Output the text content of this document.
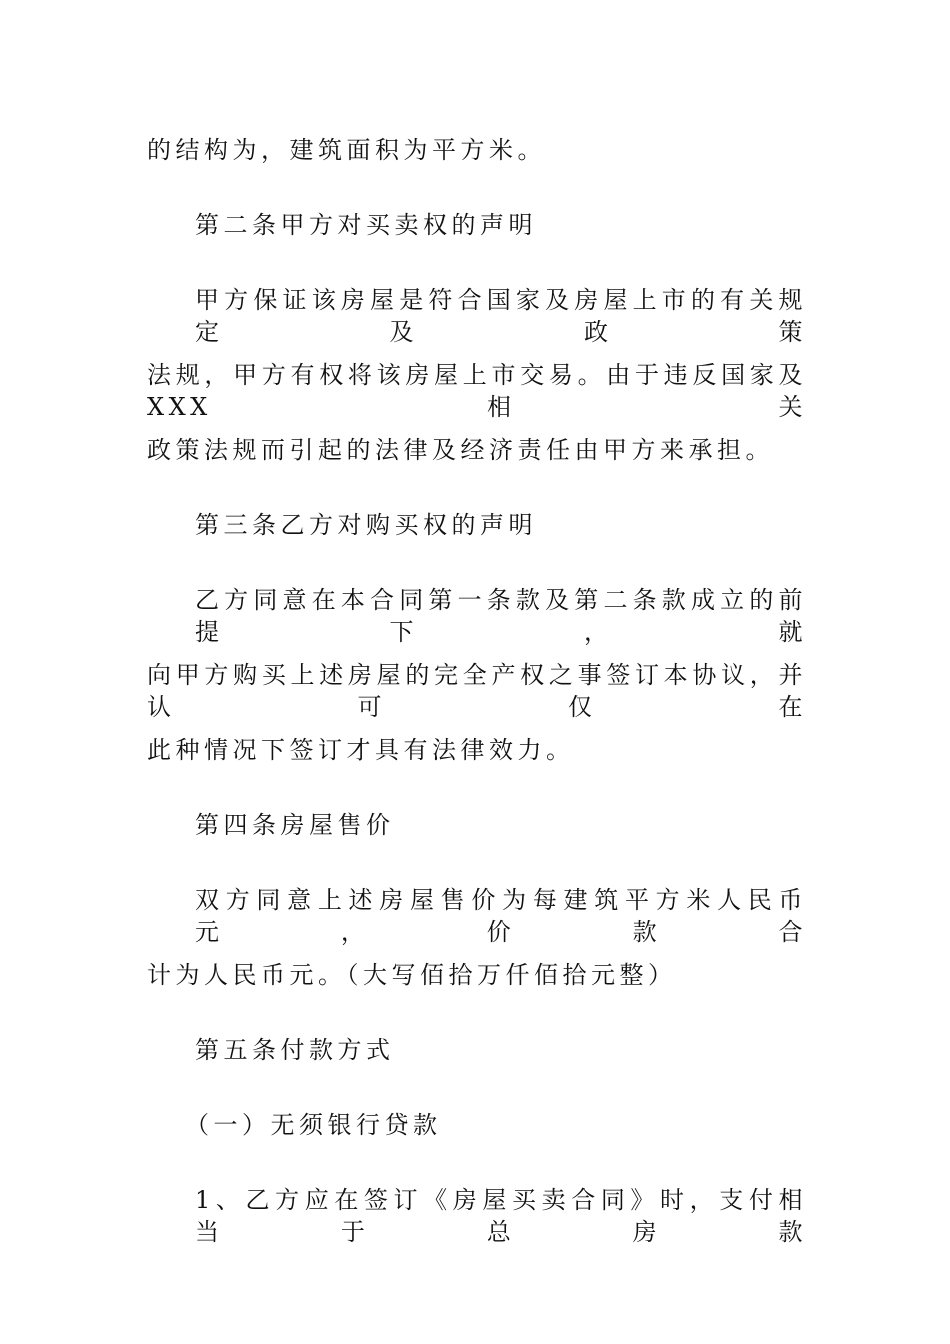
的结构为，建筑面积为平方米。
第二条甲方对买卖权的声明
甲方保证该房屋是符合国家及房屋上市的有关规定及政策
法规，甲方有权将该房屋上市交易。由于违反国家及 XXX 相关
政策法规而引起的法律及经济责任由甲方来承担。
第三条乙方对购买权的声明
乙方同意在本合同第一条款及第二条款成立的前提下，就
向甲方购买上述房屋的完全产权之事签订本协议，并认可仅在
此种情况下签订才具有法律效力。
第四条房屋售价
双方同意上述房屋售价为每建筑平方米人民币元，价款合
计为人民币元。（大写佰拾万仟佰拾元整）
第五条付款方式
（一）无须银行贷款
1、乙方应在签订《房屋买卖合同》时，支付相当于总房款
